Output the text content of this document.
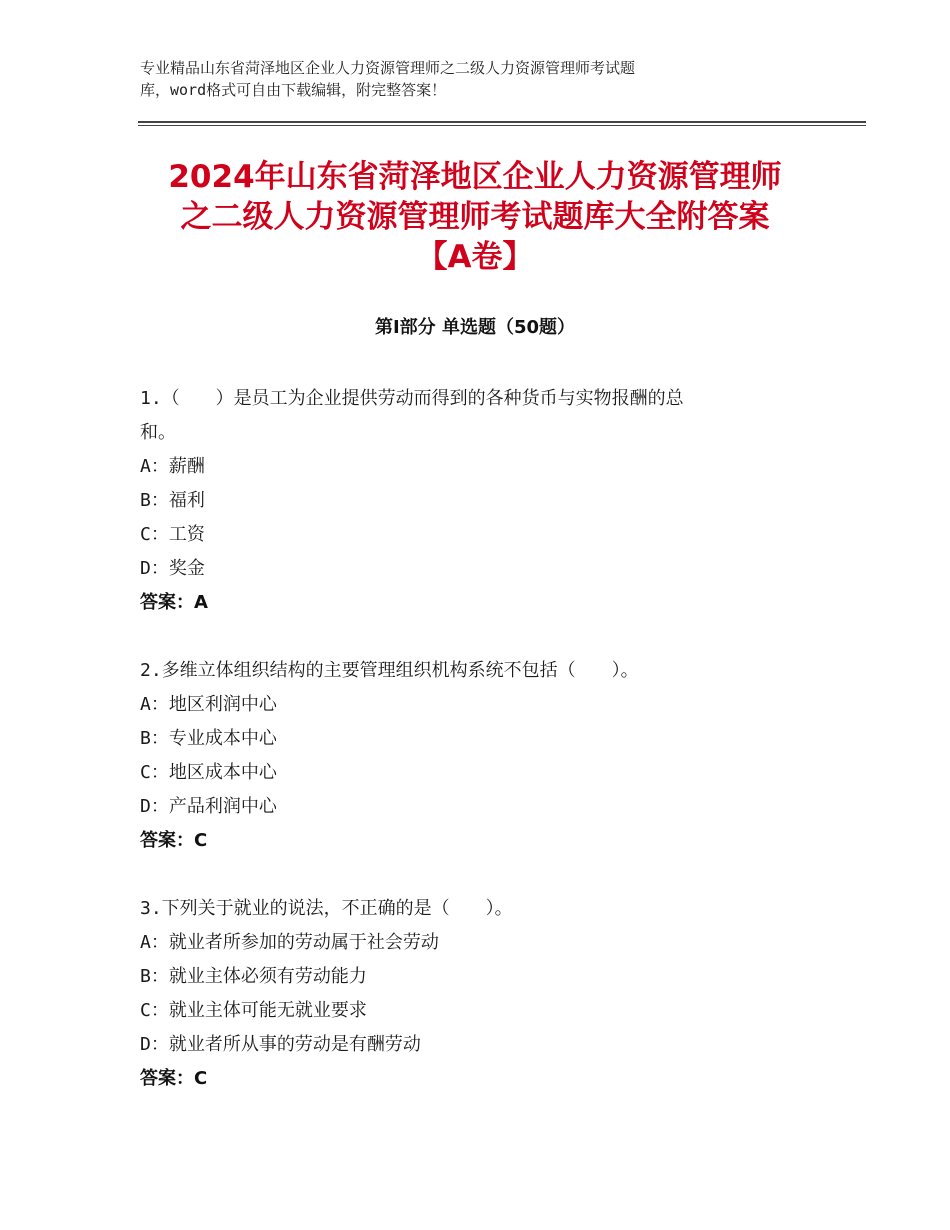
专业精品山东省菏泽地区企业人力资源管理师之二级人力资源管理师考试题
库，word格式可自由下载编辑，附完整答案！
2024年山东省菏泽地区企业人力资源管理师
之二级人力资源管理师考试题库大全附答案
【A卷】
第Ⅰ部分 单选题（50题）
1.（　　）是员工为企业提供劳动而得到的各种货币与实物报酬的总
和。
A：薪酬
B：福利
C：工资
D：奖金
答案：A
2.多维立体组织结构的主要管理组织机构系统不包括（　　）。
A：地区利润中心
B：专业成本中心
C：地区成本中心
D：产品利润中心
答案：C
3.下列关于就业的说法，不正确的是（　　）。
A：就业者所参加的劳动属于社会劳动
B：就业主体必须有劳动能力
C：就业主体可能无就业要求
D：就业者所从事的劳动是有酬劳动
答案：C
